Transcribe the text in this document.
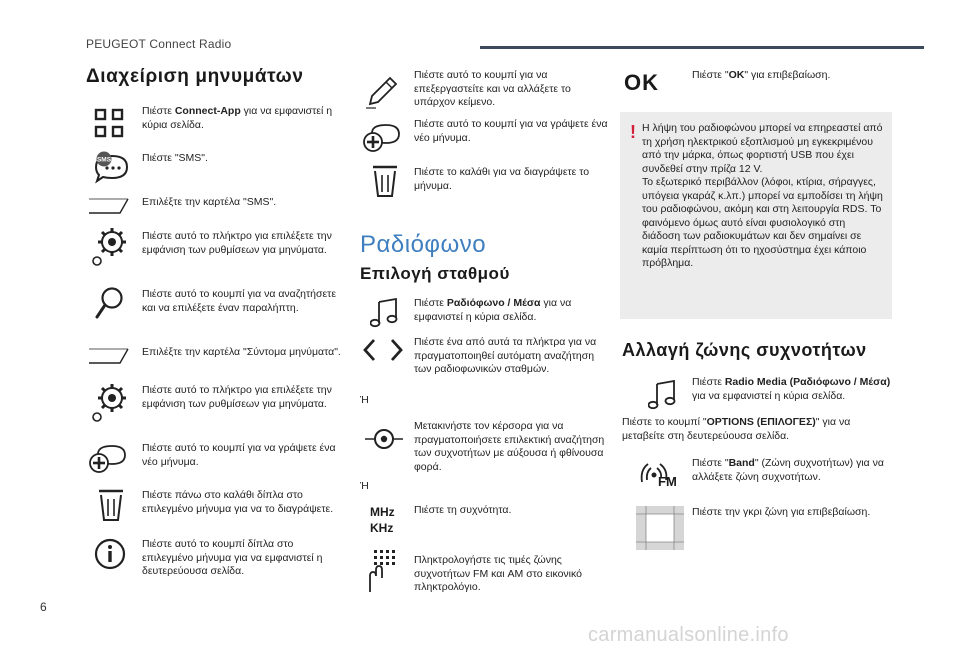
PEUGEOT Connect Radio
Διαχείριση μηνυμάτων
Πιέστε Connect-App για να εμφανιστεί η κύρια σελίδα.
SMS	Πιέστε "SMS".
Επιλέξτε την καρτέλα "SMS".
Πιέστε αυτό το πλήκτρο για επιλέξετε την εμφάνιση των ρυθμίσεων για μηνύματα.
Πιέστε αυτό το κουμπί για να αναζητήσετε και να επιλέξετε έναν παραλήπτη.
Επιλέξτε την καρτέλα "Σύντομα μηνύματα".
Πιέστε αυτό το πλήκτρο για επιλέξετε την εμφάνιση των ρυθμίσεων για μηνύματα.
Πιέστε αυτό το κουμπί για να γράψετε ένα νέο μήνυμα.
Πιέστε πάνω στο καλάθι δίπλα στο επιλεγμένο μήνυμα για να το διαγράψετε.
Πιέστε αυτό το κουμπί δίπλα στο επιλεγμένο μήνυμα για να εμφανιστεί η δευτερεύουσα σελίδα.
Πιέστε αυτό το κουμπί για να επεξεργαστείτε και να αλλάξετε το υπάρχον κείμενο.
Πιέστε αυτό το κουμπί για να γράψετε ένα νέο μήνυμα.
Πιέστε το καλάθι για να διαγράψετε το μήνυμα.
Ραδιόφωνο
Επιλογή σταθμού
Πιέστε Ραδιόφωνο / Μέσα για να εμφανιστεί η κύρια σελίδα.
Πιέστε ένα από αυτά τα πλήκτρα για να πραγματοποιηθεί αυτόματη αναζήτηση των ραδιοφωνικών σταθμών.
Ή
Μετακινήστε τον κέρσορα για να πραγματοποιήσετε επιλεκτική αναζήτηση των συχνοτήτων με αύξουσα ή φθίνουσα φορά.
Ή
MHz
KHz
Πιέστε τη συχνότητα.
Πληκτρολογήστε τις τιμές ζώνης συχνοτήτων FM και AM στο εικονικό πληκτρολόγιο.
OK	Πιέστε "OK" για επιβεβαίωση.
! Η λήψη του ραδιοφώνου μπορεί να επηρεαστεί από τη χρήση ηλεκτρικού εξοπλισμού μη εγκεκριμένου από την μάρκα, όπως φορτιστή USB που έχει συνδεθεί στην πρίζα 12 V.
Το εξωτερικό περιβάλλον (λόφοι, κτίρια, σήραγγες, υπόγεια γκαράζ κ.λπ.) μπορεί να εμποδίσει τη λήψη του ραδιοφώνου, ακόμη και στη λειτουργία RDS. Το φαινόμενο όμως αυτό είναι φυσιολογικό στη διάδοση των ραδιοκυμάτων και δεν σημαίνει σε καμία περίπτωση ότι το ηχοσύστημα έχει κάποιο πρόβλημα.
Αλλαγή ζώνης συχνοτήτων
Πιέστε Radio Media (Ραδιόφωνο / Μέσα) για να εμφανιστεί η κύρια σελίδα.
Πιέστε το κουμπί "OPTIONS (ΕΠΙΛΟΓΕΣ)" για να μεταβείτε στη δευτερεύουσα σελίδα.
FM
Πιέστε "Band" (Ζώνη συχνοτήτων) για να αλλάξετε ζώνη συχνοτήτων.
Πιέστε την γκρι ζώνη για επιβεβαίωση.
6
carmanualsonline.info
